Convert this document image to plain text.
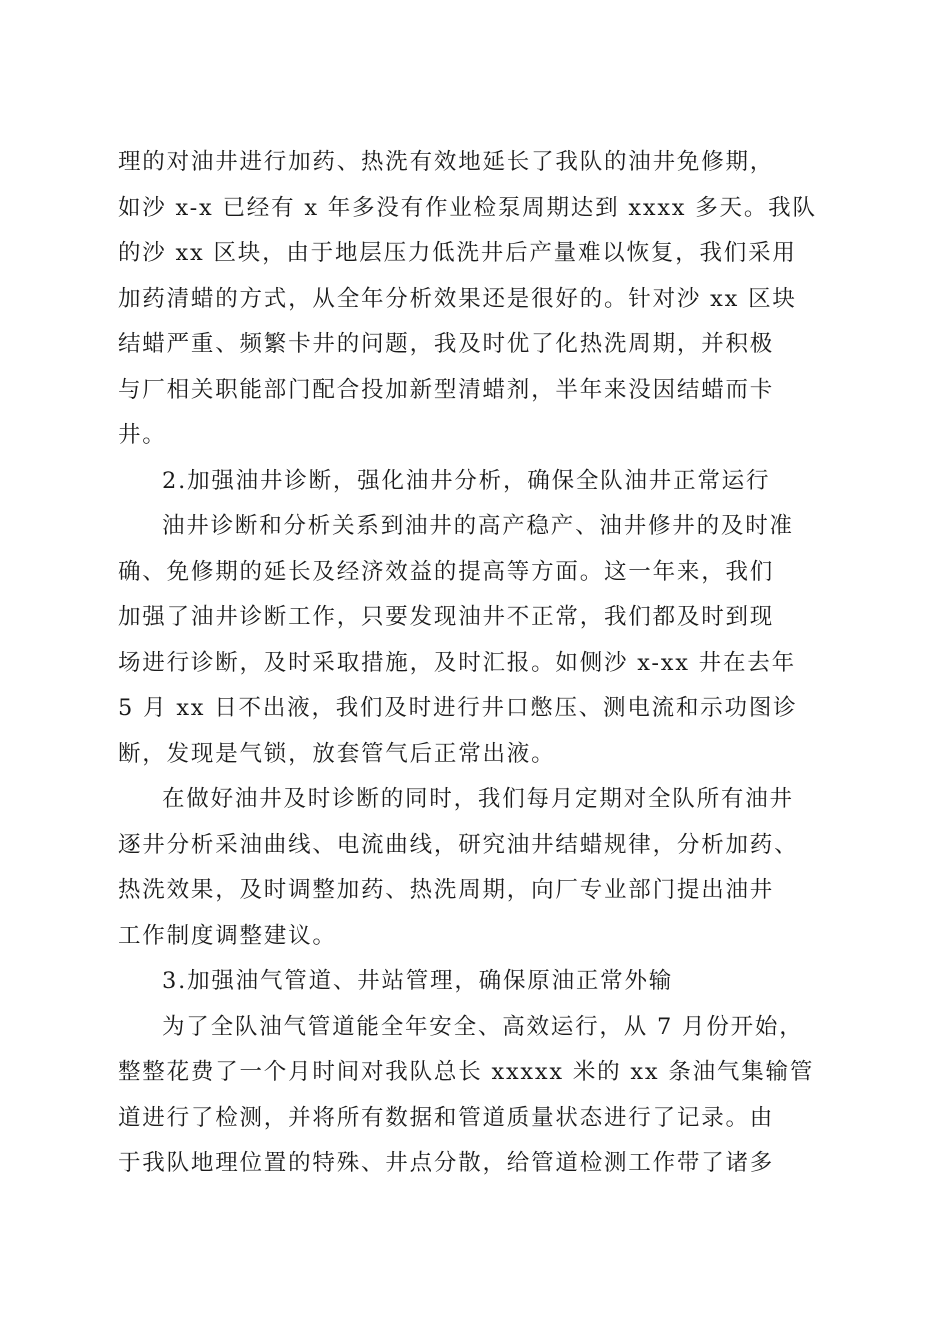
理的对油井进行加药、热洗有效地延长了我队的油井免修期，
如沙 x-x 已经有 x 年多没有作业检泵周期达到 xxxx 多天。我队
的沙 xx 区块，由于地层压力低洗井后产量难以恢复，我们采用
加药清蜡的方式，从全年分析效果还是很好的。针对沙 xx 区块
结蜡严重、频繁卡井的问题，我及时优了化热洗周期，并积极
与厂相关职能部门配合投加新型清蜡剂，半年来没因结蜡而卡
井。
2.加强油井诊断，强化油井分析，确保全队油井正常运行
油井诊断和分析关系到油井的高产稳产、油井修井的及时准
确、免修期的延长及经济效益的提高等方面。这一年来，我们
加强了油井诊断工作，只要发现油井不正常，我们都及时到现
场进行诊断，及时采取措施，及时汇报。如侧沙 x-xx 井在去年
5 月 xx 日不出液，我们及时进行井口憋压、测电流和示功图诊
断，发现是气锁，放套管气后正常出液。
在做好油井及时诊断的同时，我们每月定期对全队所有油井
逐井分析采油曲线、电流曲线，研究油井结蜡规律，分析加药、
热洗效果，及时调整加药、热洗周期，向厂专业部门提出油井
工作制度调整建议。
3.加强油气管道、井站管理，确保原油正常外输
为了全队油气管道能全年安全、高效运行，从 7 月份开始，
整整花费了一个月时间对我队总长 xxxxx 米的 xx 条油气集输管
道进行了检测，并将所有数据和管道质量状态进行了记录。由
于我队地理位置的特殊、井点分散，给管道检测工作带了诸多
